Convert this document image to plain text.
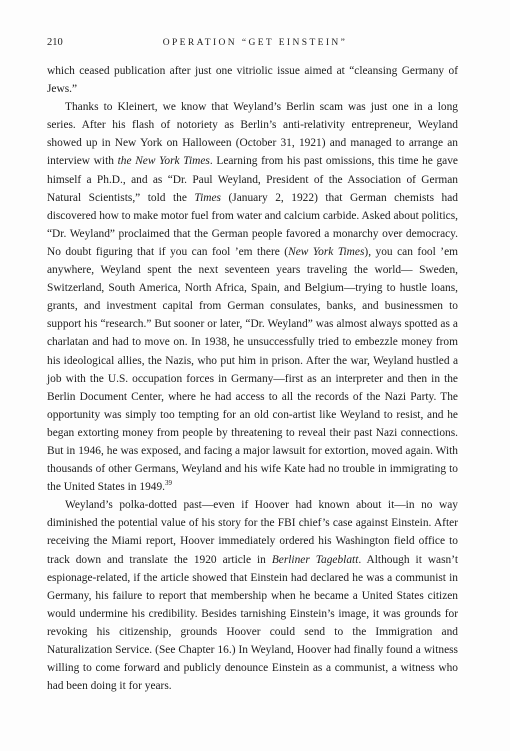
210	OPERATION “GET EINSTEIN”

which ceased publication after just one vitriolic issue aimed at “cleansing Germany of Jews.”

Thanks to Kleinert, we know that Weyland’s Berlin scam was just one in a long series. After his flash of notoriety as Berlin’s anti-relativity entrepreneur, Weyland showed up in New York on Halloween (October 31, 1921) and managed to arrange an interview with the New York Times. Learning from his past omissions, this time he gave himself a Ph.D., and as “Dr. Paul Weyland, President of the Association of German Natural Scientists,” told the Times (January 2, 1922) that German chemists had discovered how to make motor fuel from water and calcium carbide. Asked about politics, “Dr. Weyland” proclaimed that the German people favored a monarchy over democracy. No doubt figuring that if you can fool ’em there (New York Times), you can fool ’em anywhere, Weyland spent the next seventeen years traveling the world— Sweden, Switzerland, South America, North Africa, Spain, and Belgium—trying to hustle loans, grants, and investment capital from German consulates, banks, and businessmen to support his “research.” But sooner or later, “Dr. Weyland” was almost always spotted as a charlatan and had to move on. In 1938, he unsuccessfully tried to embezzle money from his ideological allies, the Nazis, who put him in prison. After the war, Weyland hustled a job with the U.S. occupation forces in Germany—first as an interpreter and then in the Berlin Document Center, where he had access to all the records of the Nazi Party. The opportunity was simply too tempting for an old con-artist like Weyland to resist, and he began extorting money from people by threatening to reveal their past Nazi connections. But in 1946, he was exposed, and facing a major lawsuit for extortion, moved again. With thousands of other Germans, Weyland and his wife Kate had no trouble in immigrating to the United States in 1949.39

Weyland’s polka-dotted past—even if Hoover had known about it—in no way diminished the potential value of his story for the FBI chief’s case against Einstein. After receiving the Miami report, Hoover immediately ordered his Washington field office to track down and translate the 1920 article in Berliner Tageblatt. Although it wasn’t espionage-related, if the article showed that Einstein had declared he was a communist in Germany, his failure to report that membership when he became a United States citizen would undermine his credibility. Besides tarnishing Einstein’s image, it was grounds for revoking his citizenship, grounds Hoover could send to the Immigration and Naturalization Service. (See Chapter 16.) In Weyland, Hoover had finally found a witness willing to come forward and publicly denounce Einstein as a communist, a witness who had been doing it for years.
